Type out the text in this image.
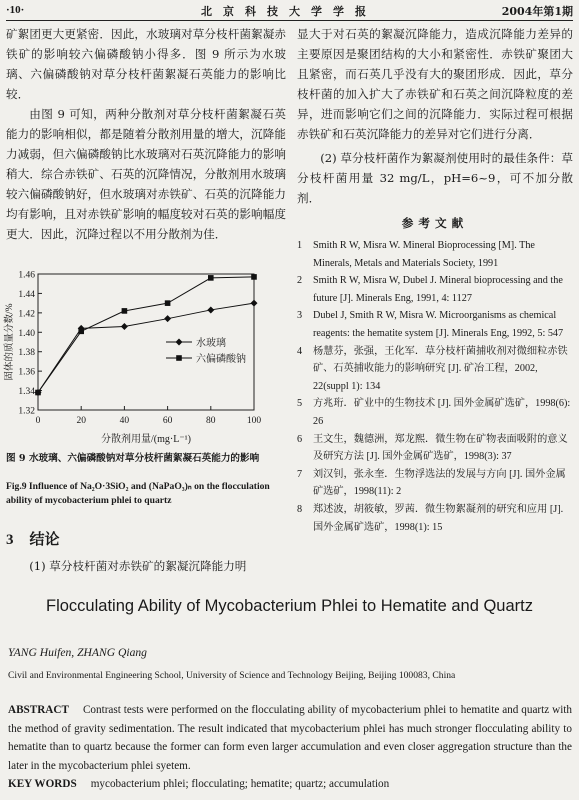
·10·	北京科技大学学报	2004年第1期

矿絮团更大更紧密．因此，水玻璃对草分枝杆菌絮凝赤铁矿的影响较六偏磷酸钠小得多．图 9 所示为水玻璃、六偏磷酸钠对草分枝杆菌絮凝石英能力的影响比较．

由图 9 可知，两种分散剂对草分枝杆菌絮凝石英能力的影响相似，都是随着分散剂用量的增大，沉降能力减弱，但六偏磷酸钠比水玻璃对石英沉降能力的影响稍大．综合赤铁矿、石英的沉降情况，分散剂用水玻璃较六偏磷酸钠好，但水玻璃对赤铁矿、石英的沉降能力均有影响，且对赤铁矿影响的幅度较对石英的影响幅度更大．因此，沉降过程以不用分散剂为佳．

1.32
1.34
1.36
1.38
1.40
1.42
1.44
1.46
0	20	40	60	80	100
水玻璃
六偏磷酸钠
分散剂用量/(mg·L⁻¹)
固体的质量分数/%
图 9 水玻璃、六偏磷酸钠对草分枝杆菌絮凝石英能力的影响
Fig.9 Influence of Na₂O·3SiO₂ and (NaPaO₃)ₙ on the flocculation ability of mycobacterium phlei to quartz
3 结论

(1) 草分枝杆菌对赤铁矿的絮凝沉降能力明

显大于对石英的絮凝沉降能力，造成沉降能力差异的主要原因是聚团结构的大小和紧密性．赤铁矿聚团大且紧密，而石英几乎没有大的聚团形成．因此，草分枝杆菌的加入扩大了赤铁矿和石英之间沉降粒度的差异，进而影响它们之间的沉降能力．实际过程可根据赤铁矿和石英沉降能力的差异对它们进行分离．

(2) 草分枝杆菌作为絮凝剂使用时的最佳条件：草分枝杆菌用量 32 mg/L，pH=6~9，可不加分散剂．

参考文献
1	Smith R W, Misra W. Mineral Bioprocessing [M]. The Minerals, Metals and Materials Society, 1991
2	Smith R W, Misra W, Dubel J. Mineral bioprocessing and the future [J]. Minerals Eng, 1991, 4: 1127
3	Dubel J, Smith R W, Misra W. Microorganisms as chemical reagents: the hematite system [J]. Minerals Eng, 1992, 5: 547
4	杨慧芬，张强，王化军．草分枝杆菌捕收剂对微细粒赤铁矿、石英捕收能力的影响研究 [J]. 矿冶工程，2002, 22(suppl 1): 134
5	方兆珩．矿业中的生物技术 [J]. 国外金属矿选矿，1998(6): 26
6	王文生，魏德洲，郑龙熙．微生物在矿物表面吸附的意义及研究方法 [J]. 国外金属矿选矿，1998(3): 37
7	刘汉钊，张永奎．生物浮选法的发展与方向 [J]. 国外金属矿选矿，1998(11): 2
8	郑述波，胡筱敏，罗茜．微生物絮凝剂的研究和应用 [J]. 国外金属矿选矿，1998(1): 15
Flocculating Ability of Mycobacterium Phlei to Hematite and Quartz
YANG Huifen, ZHANG Qiang
Civil and Environmental Engineering School, University of Science and Technology Beijing, Beijing 100083, China
ABSTRACT Contrast tests were performed on the flocculating ability of mycobacterium phlei to hematite and quartz with the method of gravity sedimentation. The result indicated that mycobacterium phlei has much stronger flocculating ability to hematite than to quartz because the former can form even larger accumulation and even closer aggregation structure than the later in the mycobacterium phlei syetem.
KEY WORDS mycobacterium phlei; flocculating; hematite; quartz; accumulation
